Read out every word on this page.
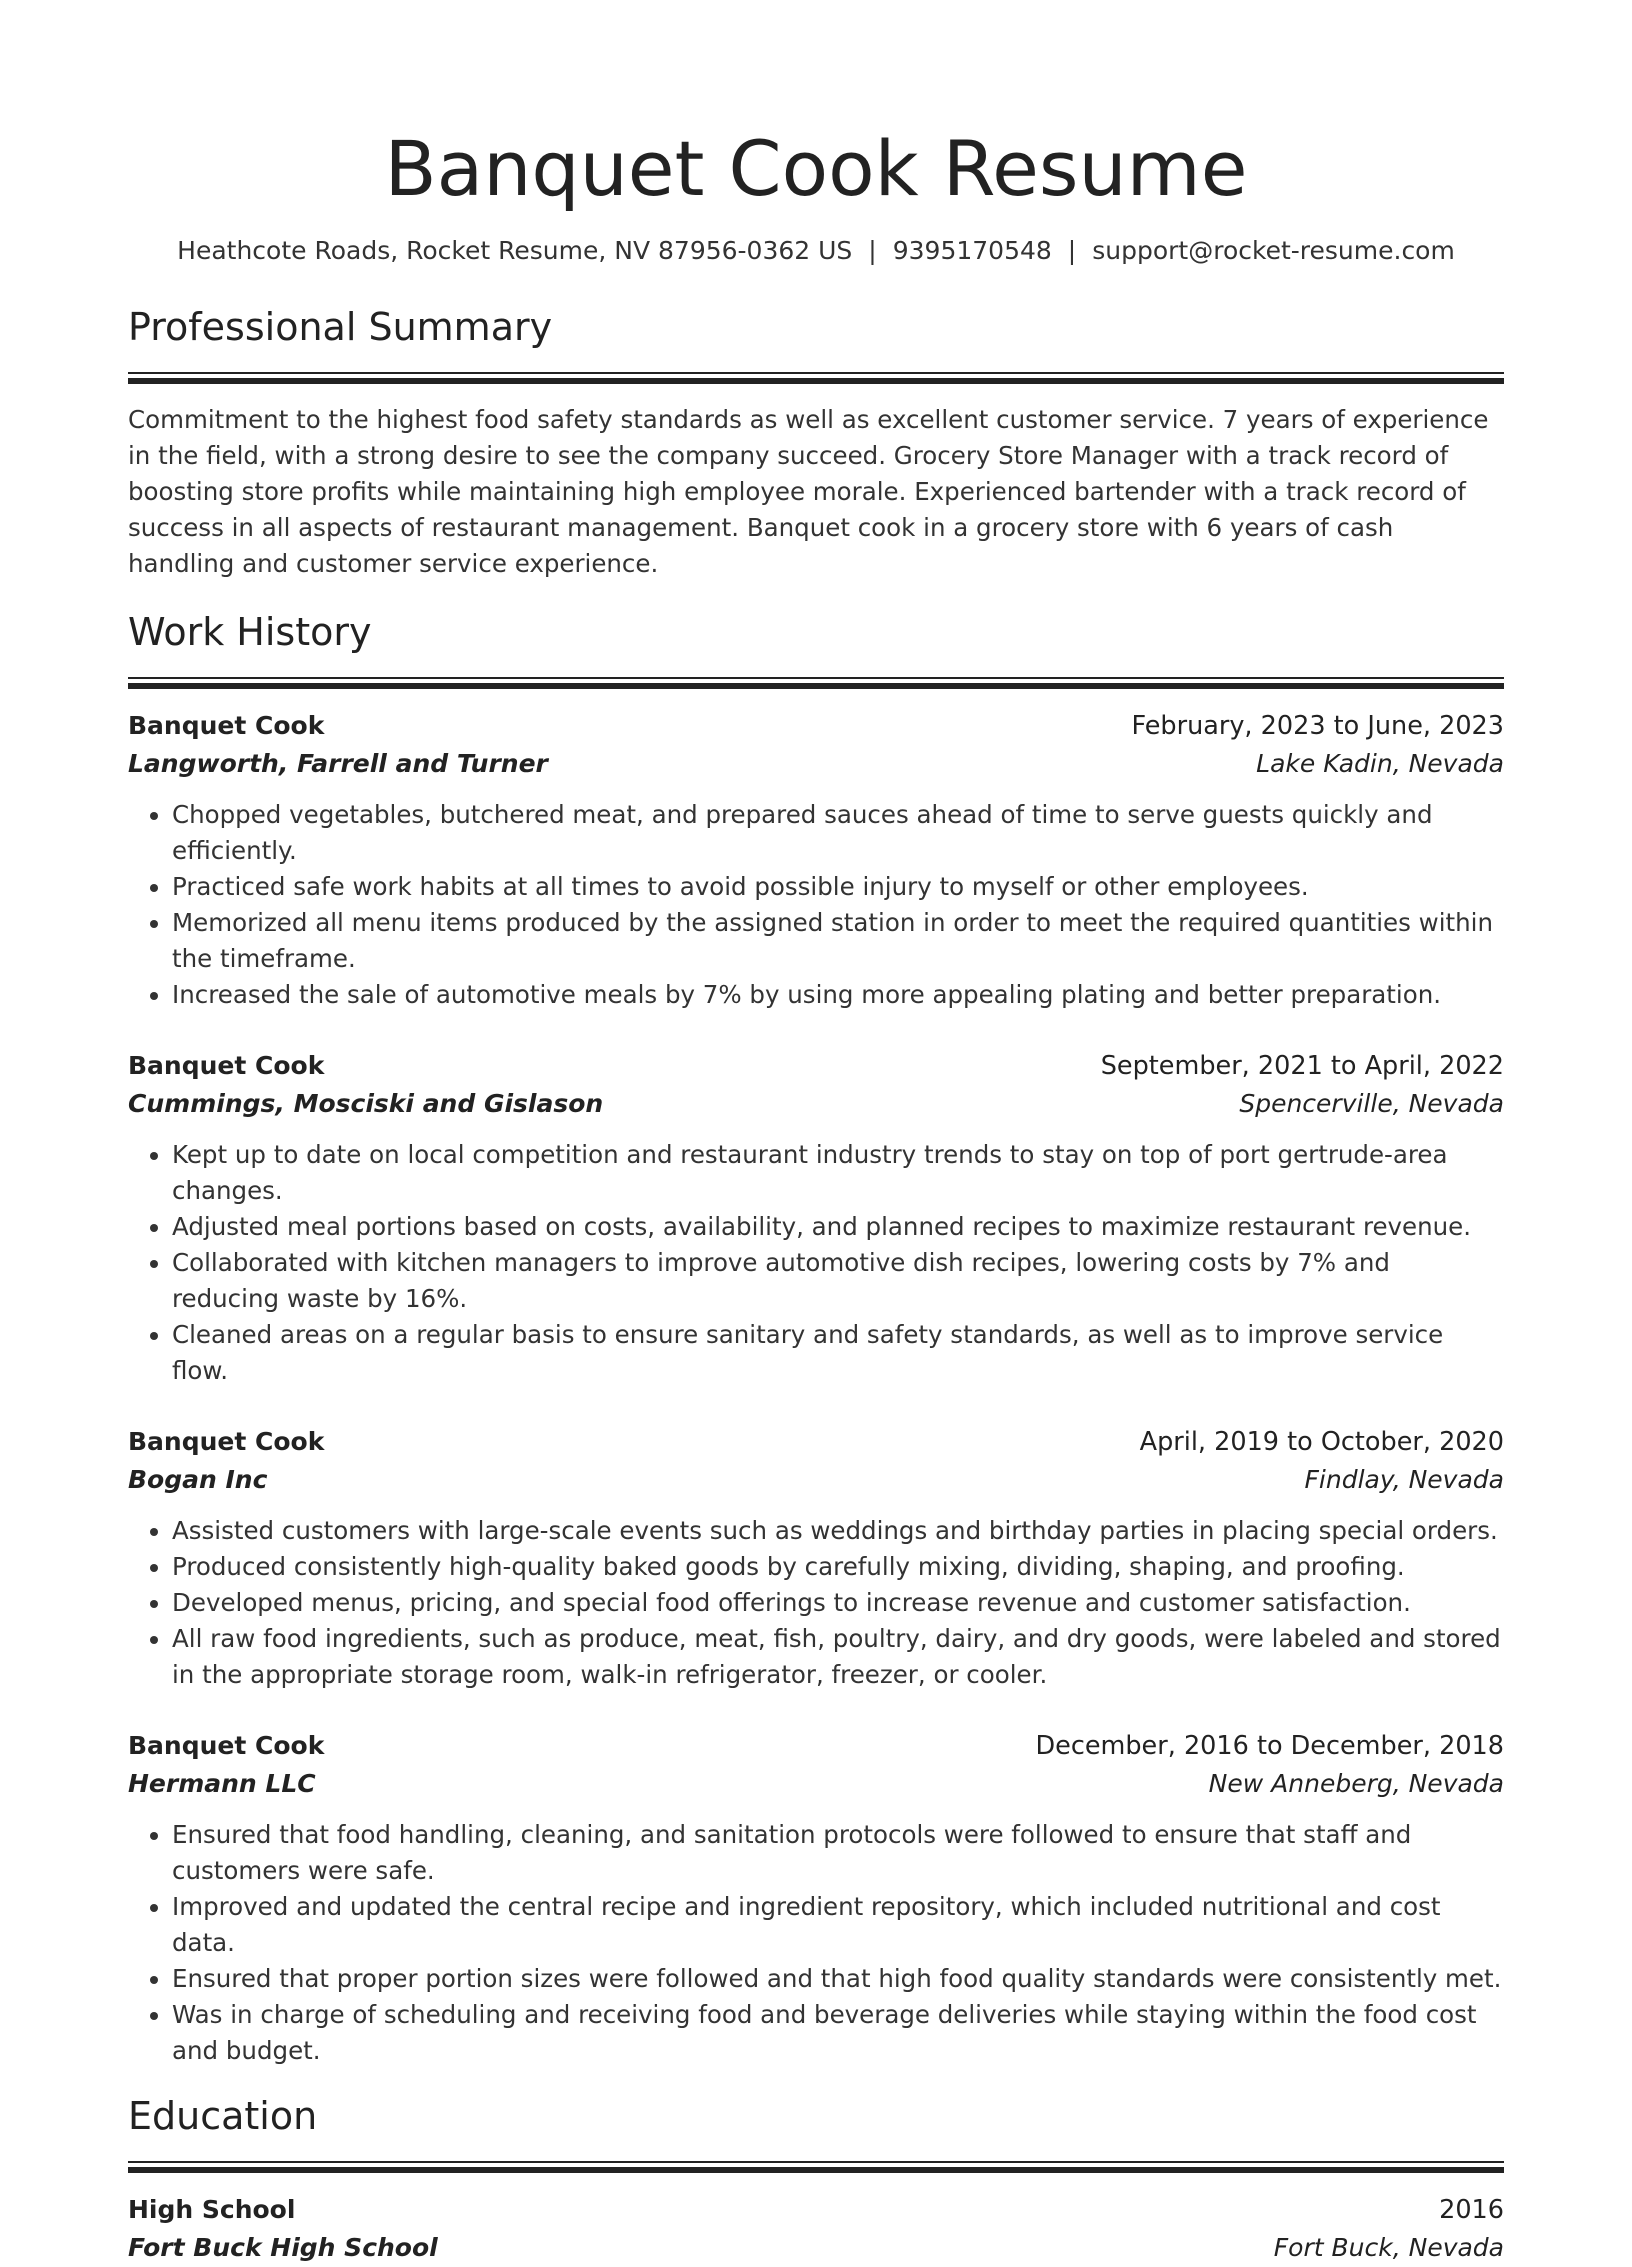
Banquet Cook Resume
Heathcote Roads, Rocket Resume, NV 87956-0362 US | 9395170548 | support@rocket-resume.com
Professional Summary

Commitment to the highest food safety standards as well as excellent customer service. 7 years of experience in the field, with a strong desire to see the company succeed. Grocery Store Manager with a track record of boosting store profits while maintaining high employee morale. Experienced bartender with a track record of success in all aspects of restaurant management. Banquet cook in a grocery store with 6 years of cash handling and customer service experience.

Work History
Banquet Cook	February, 2023 to June, 2023
Langworth, Farrell and Turner	Lake Kadin, Nevada
• Chopped vegetables, butchered meat, and prepared sauces ahead of time to serve guests quickly and efficiently.
• Practiced safe work habits at all times to avoid possible injury to myself or other employees.
• Memorized all menu items produced by the assigned station in order to meet the required quantities within the timeframe.
• Increased the sale of automotive meals by 7% by using more appealing plating and better preparation.
Banquet Cook	September, 2021 to April, 2022
Cummings, Mosciski and Gislason	Spencerville, Nevada
• Kept up to date on local competition and restaurant industry trends to stay on top of port gertrude-area changes.
• Adjusted meal portions based on costs, availability, and planned recipes to maximize restaurant revenue.
• Collaborated with kitchen managers to improve automotive dish recipes, lowering costs by 7% and reducing waste by 16%.
• Cleaned areas on a regular basis to ensure sanitary and safety standards, as well as to improve service flow.
Banquet Cook	April, 2019 to October, 2020
Bogan Inc	Findlay, Nevada
• Assisted customers with large-scale events such as weddings and birthday parties in placing special orders.
• Produced consistently high-quality baked goods by carefully mixing, dividing, shaping, and proofing.
• Developed menus, pricing, and special food offerings to increase revenue and customer satisfaction.
• All raw food ingredients, such as produce, meat, fish, poultry, dairy, and dry goods, were labeled and stored in the appropriate storage room, walk-in refrigerator, freezer, or cooler.
Banquet Cook	December, 2016 to December, 2018
Hermann LLC	New Anneberg, Nevada
• Ensured that food handling, cleaning, and sanitation protocols were followed to ensure that staff and customers were safe.
• Improved and updated the central recipe and ingredient repository, which included nutritional and cost data.
• Ensured that proper portion sizes were followed and that high food quality standards were consistently met.
• Was in charge of scheduling and receiving food and beverage deliveries while staying within the food cost and budget.
Education
High School	2016
Fort Buck High School	Fort Buck, Nevada
